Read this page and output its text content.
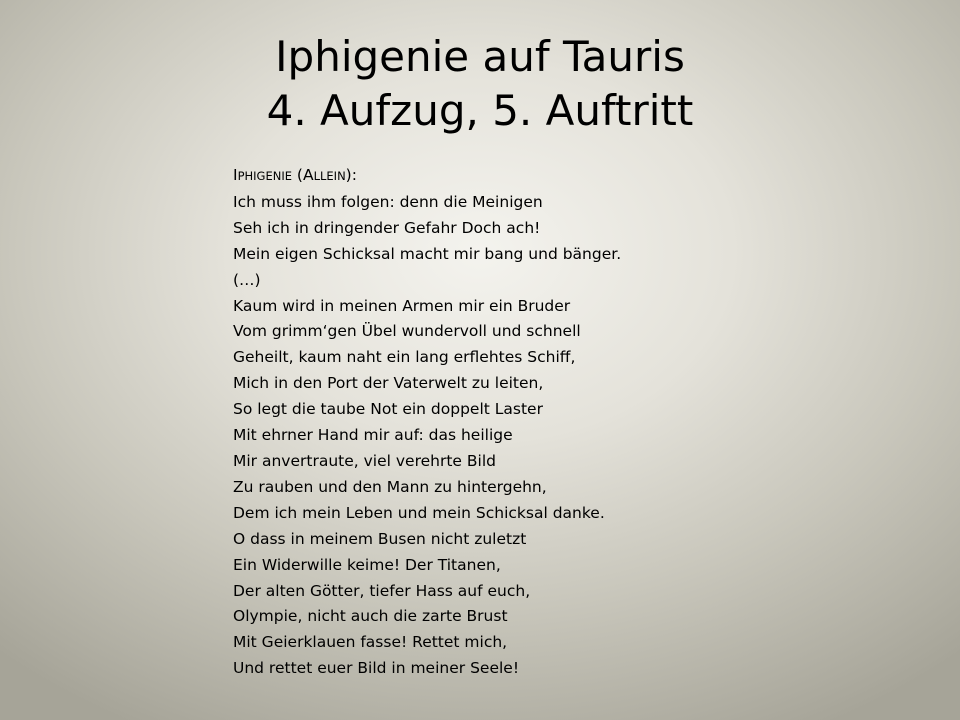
Iphigenie auf Tauris
4. Aufzug, 5. Auftritt
IPHIGENIE (ALLEIN):
Ich muss ihm folgen: denn die Meinigen
Seh ich in dringender Gefahr Doch ach!
Mein eigen Schicksal macht mir bang und bänger.
(…)
Kaum wird in meinen Armen mir ein Bruder
Vom grimm‘gen Übel wundervoll und schnell
Geheilt, kaum naht ein lang erflehtes Schiff,
Mich in den Port der Vaterwelt zu leiten,
So legt die taube Not ein doppelt Laster
Mit ehrner Hand mir auf: das heilige
Mir anvertraute, viel verehrte Bild
Zu rauben und den Mann zu hintergehn,
Dem ich mein Leben und mein Schicksal danke.
O dass in meinem Busen nicht zuletzt
Ein Widerwille keime! Der Titanen,
Der alten Götter, tiefer Hass auf euch,
Olympie, nicht auch die zarte Brust
Mit Geierklauen fasse! Rettet mich,
Und rettet euer Bild in meiner Seele!
